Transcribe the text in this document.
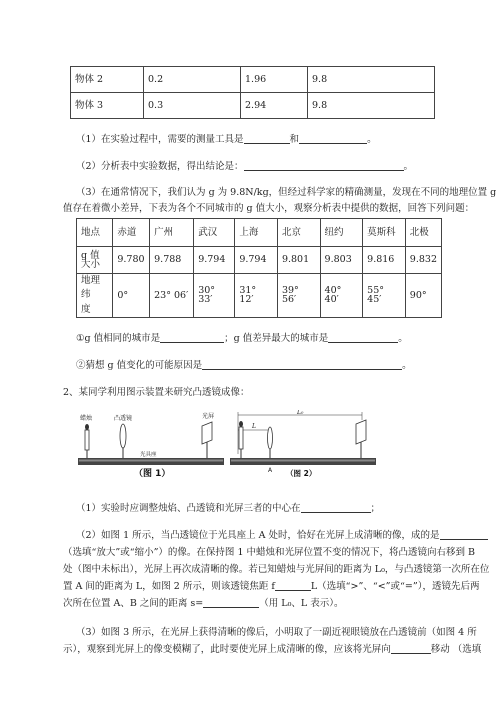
物体 2	0.2	1.96	9.8
物体 3	0.3	2.94	9.8
（1）在实验过程中，需要的测量工具是	和	。
（2）分析表中实验数据，得出结论是：	。
（3）在通常情况下，我们认为 g 为 9.8N/kg，但经过科学家的精确测量，发现在不同的地理位置 g
值存在着微小差异，下表为各个不同城市的 g 值大小，观察分析表中提供的数据，回答下列问题：
地点	赤道	广州	武汉	上海	北京	纽约	莫斯科	北极
g 值大小	9.780	9.788	9.794	9.794	9.801	9.803	9.816	9.832
地理纬
度	0°	23° 06′	30° 33′	31° 12′	39° 56′	40° 40′	55° 45′	90°
①g 值相同的城市是	；g 值差异最大的城市是	。
②猜想 g 值变化的可能原因是	。
2、某同学利用图示装置来研究凸透镜成像：
蜡烛	凸透镜	光屏
光具座
（图 1）
L₀
L
A （图 2）
（1）实验时应调整烛焰、凸透镜和光屏三者的中心在	；
（2）如图 1 所示，当凸透镜位于光具座上 A 处时，恰好在光屏上成清晰的像，成的是
（选填“放大”或“缩小”）的像。在保持图 1 中蜡烛和光屏位置不变的情况下，将凸透镜向右移到 B
处（图中未标出），光屏上再次成清晰的像。若已知蜡烛与光屏间的距离为 L₀，与凸透镜第一次所在位
置 A 间的距离为 L，如图 2 所示，则该透镜焦距 f	L（选填“>”、“<”或“=”），透镜先后两
次所在位置 A、B 之间的距离 s=	（用 L₀、L 表示）。
（3）如图 3 所示，在光屏上获得清晰的像后，小明取了一副近视眼镜放在凸透镜前（如图 4 所
示），观察到光屏上的像变模糊了，此时要使光屏上成清晰的像，应该将光屏向	移动 （选填
